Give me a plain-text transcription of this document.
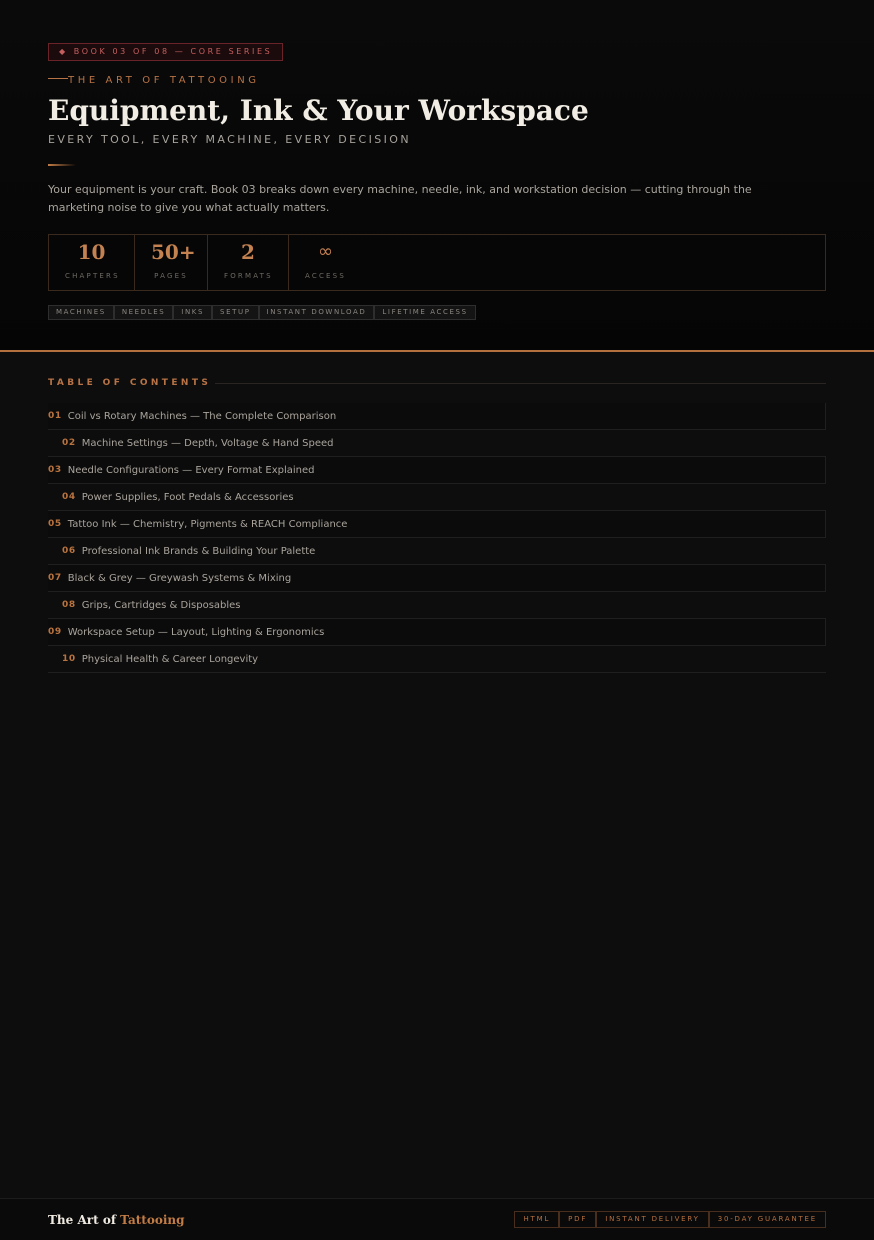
◆ BOOK 03 OF 08 — CORE SERIES
THE ART OF TATTOOING
Equipment, Ink & Your Workspace
EVERY TOOL, EVERY MACHINE, EVERY DECISION

Your equipment is your craft. Book 03 breaks down every machine, needle, ink, and workstation decision — cutting through the marketing noise to give you what actually matters.

10
CHAPTERS
50+
PAGES
2
FORMATS
∞
ACCESS
MACHINES	NEEDLES	INKS	SETUP	INSTANT DOWNLOAD	LIFETIME ACCESS
TABLE OF CONTENTS
01 Coil vs Rotary Machines — The Complete Comparison
02 Machine Settings — Depth, Voltage & Hand Speed
03 Needle Configurations — Every Format Explained
04 Power Supplies, Foot Pedals & Accessories
05 Tattoo Ink — Chemistry, Pigments & REACH Compliance
06 Professional Ink Brands & Building Your Palette
07 Black & Grey — Greywash Systems & Mixing
08 Grips, Cartridges & Disposables
09 Workspace Setup — Layout, Lighting & Ergonomics
10 Physical Health & Career Longevity
The Art of Tattooing	HTML	PDF	INSTANT DELIVERY	30-DAY GUARANTEE
